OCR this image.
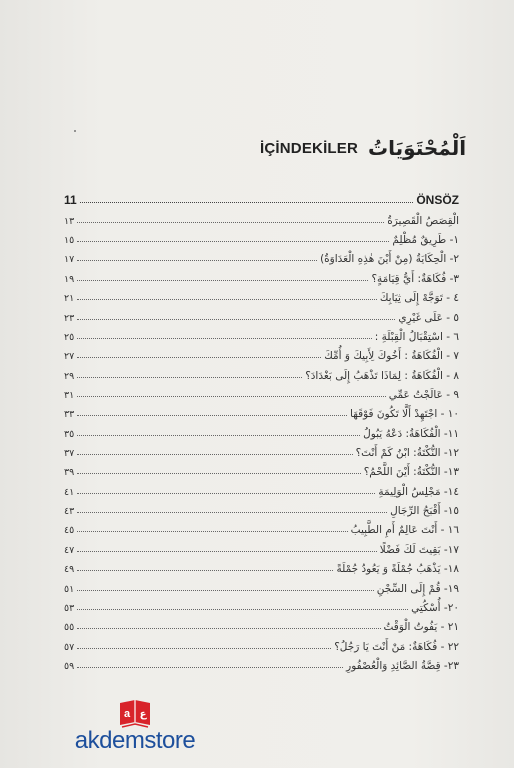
İÇİNDEKİLER اَلْمُحْتَوَيَاتُ
ÖNSÖZ
11
الْقِصَصُ الْقَصِيرَةُ
١٣
١- طَرِيقٌ مُظْلِمٌ
١٥
٢- الْحِكَايَةُ (مِنْ أَيْنَ هٰذِهِ الْعَدَاوَةُ)
١٧
٣- فُكَاهَةٌ: أَيُّ قِيَامَةٍ؟
١٩
٤ - تَوَجَّهْ إِلَى ثِيَابِكَ
٢١
٥ - عَلَى غَيْرِي
٢٣
٦ - اسْتِقْبَالُ الْقِبْلَةِ :
٢٥
٧ - الْفُكَاهَةُ : أَخُوكَ لِأَبِيكَ وَ أُمِّكَ
٢٧
٨ - الْفُكَاهَةُ : لِمَاذَا تَذْهَبُ إِلَى بَغْدَادَ؟
٢٩
٩ - عَالَجْتُ عَمِّي
٣١
١٠ - اجْتَهِدْ أَلَّا تَكُونَ فَوْقَهَا
٣٣
١١- الْفُكَاهَةُ: دَعْهُ يَبُولُ
٣٥
١٢- النُّكْتَةُ: ابْنُ كَمْ أَنْتَ؟
٣٧
١٣- النُّكْتَةُ: أَيْنَ اللَّحْمُ؟
٣٩
١٤- مَجْلِسُ الْوَلِيمَةِ
٤١
١٥- أَقْبَحُ الرِّجَالِ
٤٣
١٦ - أَنْتَ عَالِمٌ أَمِ الطَّبِيبُ
٤٥
١٧- بَقِيتَ لَكَ فَضْلًا
٤٧
١٨- يَذْهَبُ جُمْلَةً وَ يَعُودُ جُمْلَةً
٤٩
١٩- قُمْ إِلَى السِّجْنِ
٥١
٢٠- أُسْكُتِي
٥٣
٢١ - يَفُوتُ الْوَقْتُ
٥٥
٢٢ - فُكَاهَةٌ: مَنْ أَنْتَ يَا رَجُلُ؟
٥٧
٢٣- قِصَّةُ الصَّائِدِ وَالْعُصْفُورِ
٥٩
a ع
akdemstore
